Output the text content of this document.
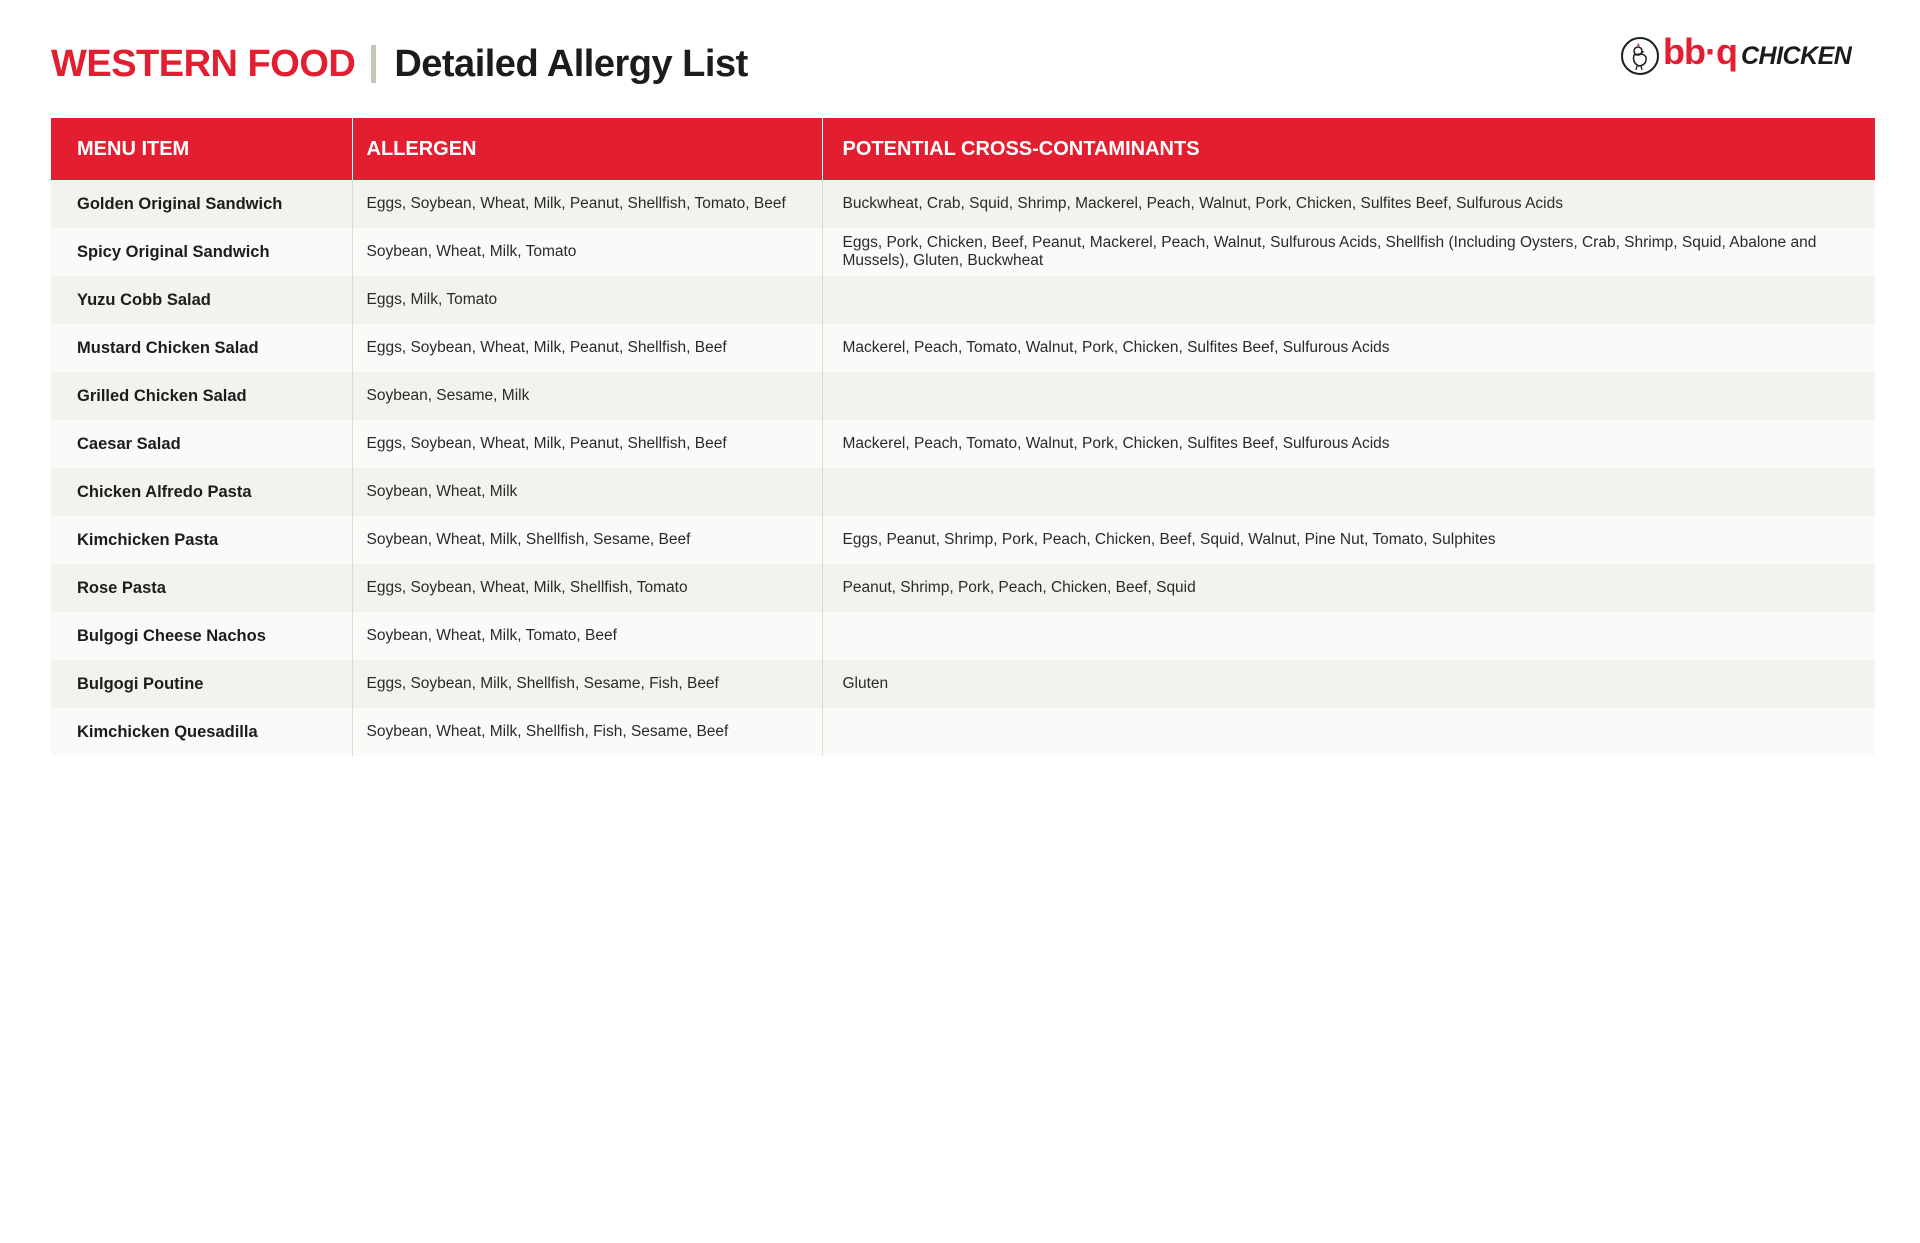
WESTERN FOOD Detailed Allergy List	bb·q CHICKEN
MENU ITEM	ALLERGEN	POTENTIAL CROSS-CONTAMINANTS
Golden Original Sandwich	Eggs, Soybean, Wheat, Milk, Peanut, Shellfish, Tomato, Beef	Buckwheat, Crab, Squid, Shrimp, Mackerel, Peach, Walnut, Pork, Chicken, Sulfites Beef, Sulfurous Acids
Spicy Original Sandwich	Soybean, Wheat, Milk, Tomato	Eggs, Pork, Chicken, Beef, Peanut, Mackerel, Peach, Walnut, Sulfurous Acids, Shellfish (Including Oysters, Crab, Shrimp, Squid, Abalone and Mussels), Gluten, Buckwheat
Yuzu Cobb Salad	Eggs, Milk, Tomato	
Mustard Chicken Salad	Eggs, Soybean, Wheat, Milk, Peanut, Shellfish, Beef	Mackerel, Peach, Tomato, Walnut, Pork, Chicken, Sulfites Beef, Sulfurous Acids
Grilled Chicken Salad	Soybean, Sesame, Milk	
Caesar Salad	Eggs, Soybean, Wheat, Milk, Peanut, Shellfish, Beef	Mackerel, Peach, Tomato, Walnut, Pork, Chicken, Sulfites Beef, Sulfurous Acids
Chicken Alfredo Pasta	Soybean, Wheat, Milk	
Kimchicken Pasta	Soybean, Wheat, Milk, Shellfish, Sesame, Beef	Eggs, Peanut, Shrimp, Pork, Peach, Chicken, Beef, Squid, Walnut, Pine Nut, Tomato, Sulphites
Rose Pasta	Eggs, Soybean, Wheat, Milk, Shellfish, Tomato	Peanut, Shrimp, Pork, Peach, Chicken, Beef, Squid
Bulgogi Cheese Nachos	Soybean, Wheat, Milk, Tomato, Beef	
Bulgogi Poutine	Eggs, Soybean, Milk, Shellfish, Sesame, Fish, Beef	Gluten
Kimchicken Quesadilla	Soybean, Wheat, Milk, Shellfish, Fish, Sesame, Beef	
